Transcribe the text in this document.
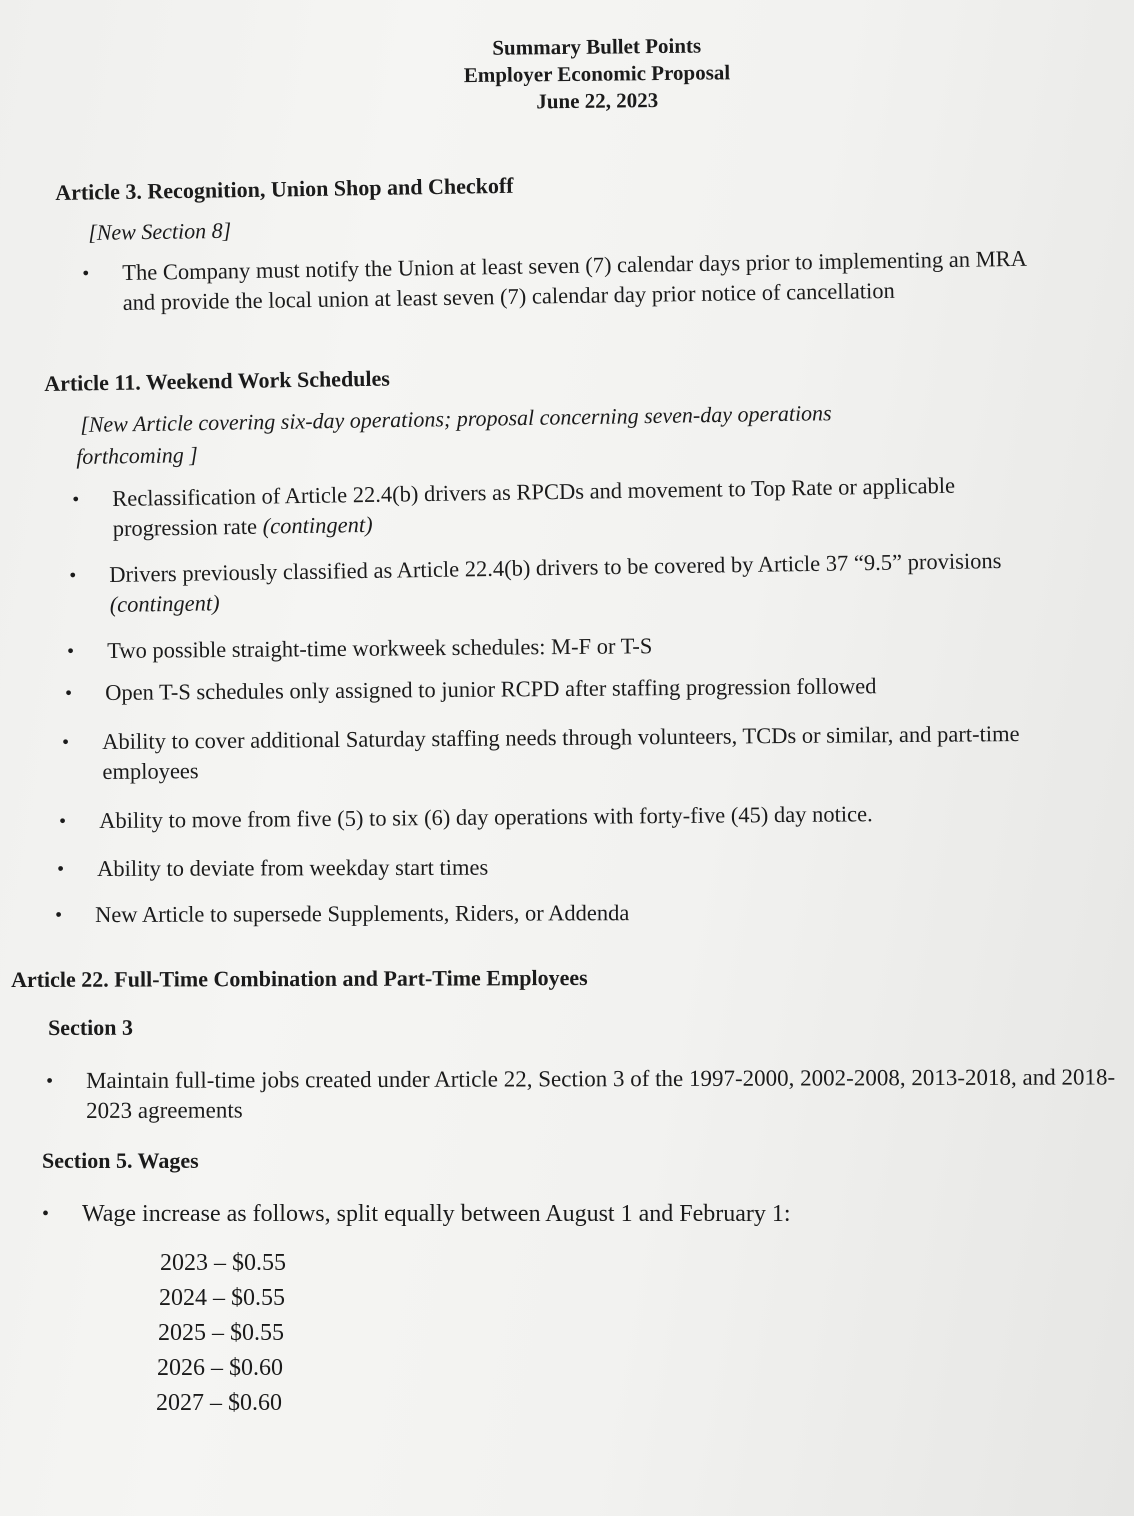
Summary Bullet Points
Employer Economic Proposal
June 22, 2023
Article 3. Recognition, Union Shop and Checkoff
[New Section 8]
• The Company must notify the Union at least seven (7) calendar days prior to implementing an MRA and provide the local union at least seven (7) calendar day prior notice of cancellation
Article 11. Weekend Work Schedules
[New Article covering six-day operations; proposal concerning seven-day operations
forthcoming ]
• Reclassification of Article 22.4(b) drivers as RPCDs and movement to Top Rate or applicable progression rate (contingent)
• Drivers previously classified as Article 22.4(b) drivers to be covered by Article 37 “9.5” provisions (contingent)
• Two possible straight-time workweek schedules: M-F or T-S
• Open T-S schedules only assigned to junior RCPD after staffing progression followed
• Ability to cover additional Saturday staffing needs through volunteers, TCDs or similar, and part-time employees
• Ability to move from five (5) to six (6) day operations with forty-five (45) day notice.
• Ability to deviate from weekday start times
• New Article to supersede Supplements, Riders, or Addenda
Article 22. Full-Time Combination and Part-Time Employees
Section 3
• Maintain full-time jobs created under Article 22, Section 3 of the 1997-2000, 2002-2008, 2013-2018, and 2018-2023 agreements
Section 5. Wages
• Wage increase as follows, split equally between August 1 and February 1:
2023 – $0.55
2024 – $0.55
2025 – $0.55
2026 – $0.60
2027 – $0.60
